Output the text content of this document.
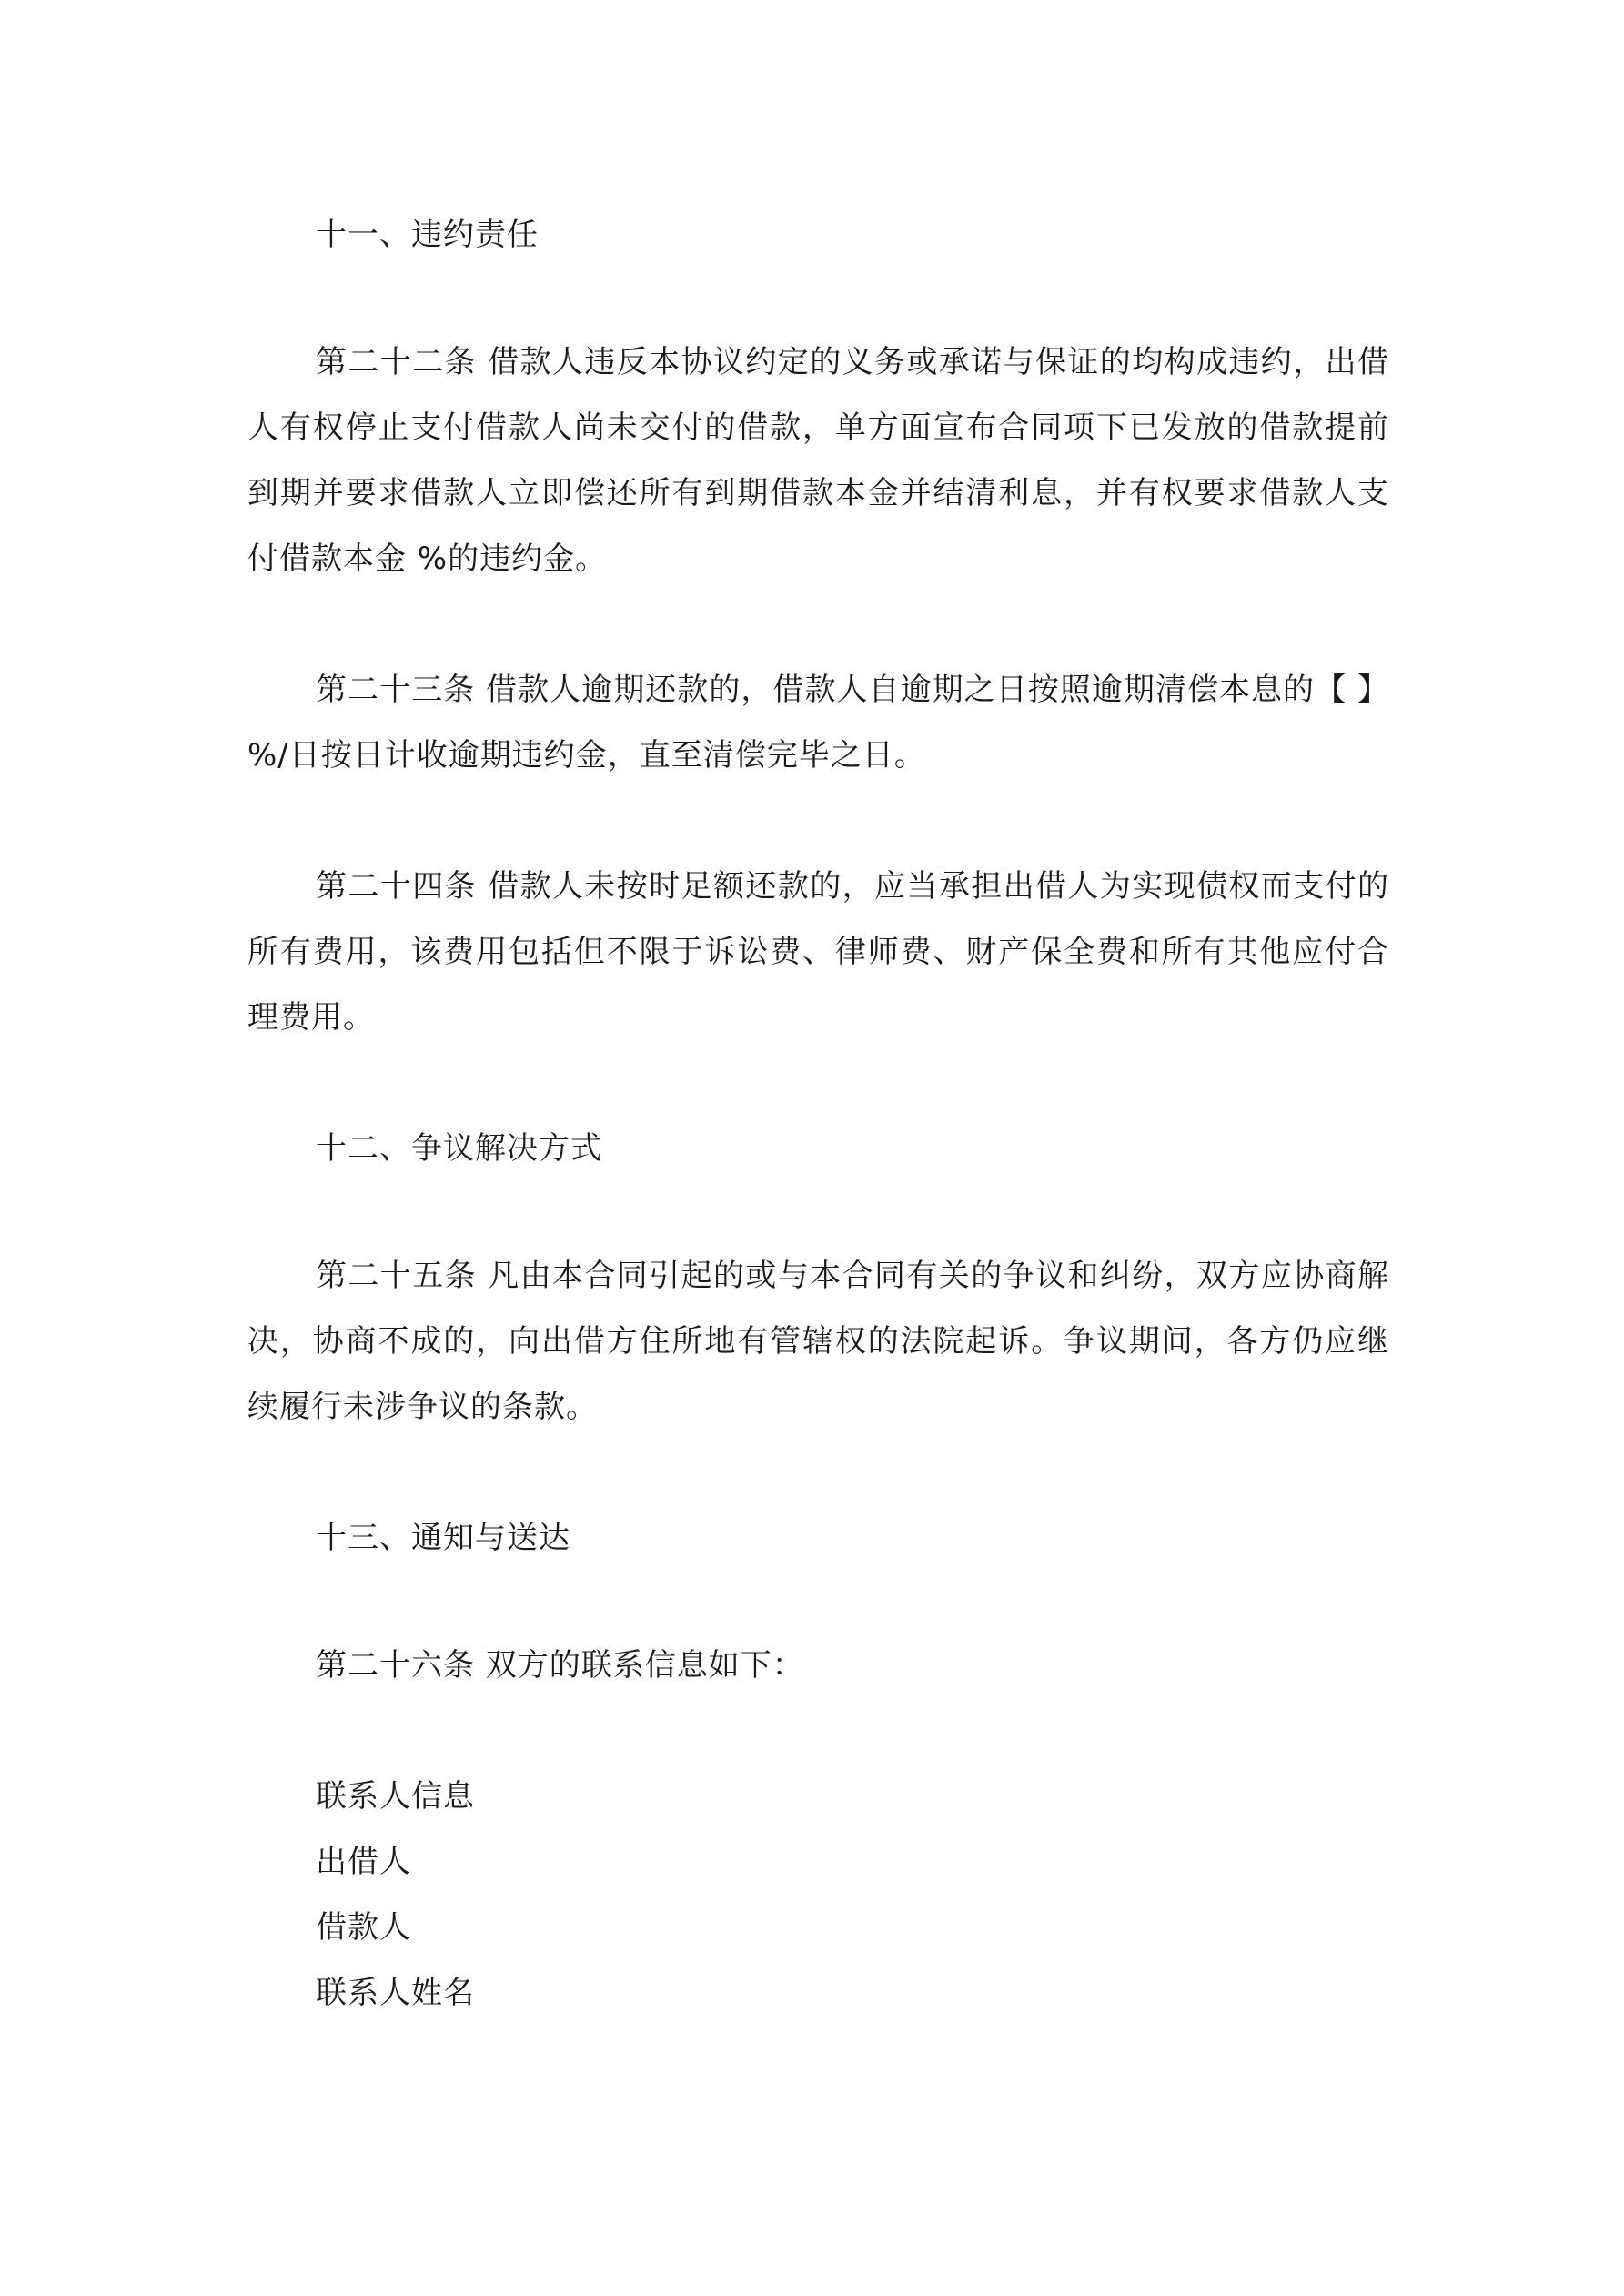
十一、违约责任

第二十二条 借款人违反本协议约定的义务或承诺与保证的均构成违约，出借人有权停止支付借款人尚未交付的借款，单方面宣布合同项下已发放的借款提前到期并要求借款人立即偿还所有到期借款本金并结清利息，并有权要求借款人支付借款本金 %的违约金。

第二十三条 借款人逾期还款的，借款人自逾期之日按照逾期清偿本息的【 】%/日按日计收逾期违约金，直至清偿完毕之日。

第二十四条 借款人未按时足额还款的，应当承担出借人为实现债权而支付的所有费用，该费用包括但不限于诉讼费、律师费、财产保全费和所有其他应付合理费用。

十二、争议解决方式

第二十五条 凡由本合同引起的或与本合同有关的争议和纠纷，双方应协商解决，协商不成的，向出借方住所地有管辖权的法院起诉。争议期间，各方仍应继续履行未涉争议的条款。

十三、通知与送达

第二十六条 双方的联系信息如下：

联系人信息

出借人

借款人

联系人姓名
